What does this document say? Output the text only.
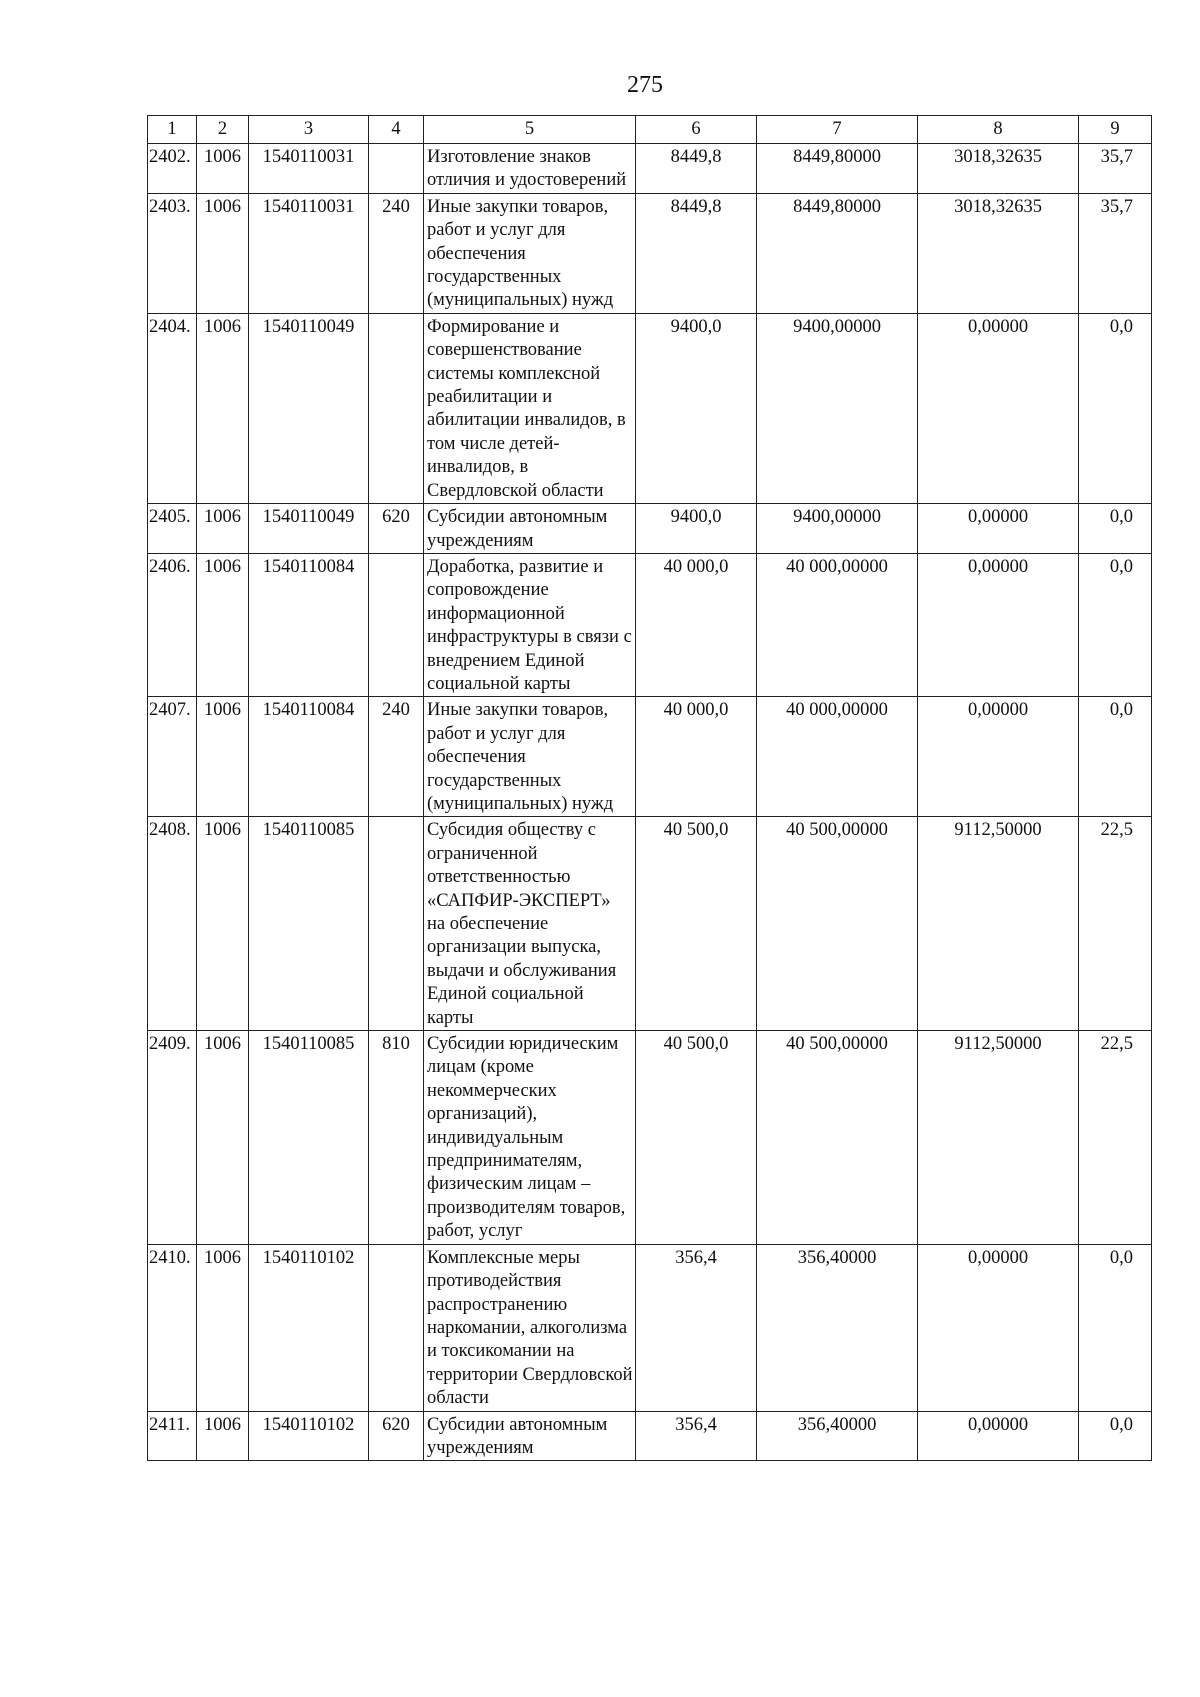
275
1	2	3	4	5	6	7	8	9
2402.	1006	1540110031		Изготовление знаков отличия и удостоверений	8449,8	8449,80000	3018,32635	35,7
2403.	1006	1540110031	240	Иные закупки товаров, работ и услуг для обеспечения государственных (муниципальных) нужд	8449,8	8449,80000	3018,32635	35,7
2404.	1006	1540110049		Формирование и совершенствование системы комплексной реабилитации и абилитации инвалидов, в том числе детей-инвалидов, в Свердловской области	9400,0	9400,00000	0,00000	0,0
2405.	1006	1540110049	620	Субсидии автономным учреждениям	9400,0	9400,00000	0,00000	0,0
2406.	1006	1540110084		Доработка, развитие и сопровождение информационной инфраструктуры в связи с внедрением Единой социальной карты	40 000,0	40 000,00000	0,00000	0,0
2407.	1006	1540110084	240	Иные закупки товаров, работ и услуг для обеспечения государственных (муниципальных) нужд	40 000,0	40 000,00000	0,00000	0,0
2408.	1006	1540110085		Субсидия обществу с ограниченной ответственностью «САПФИР-ЭКСПЕРТ» на обеспечение организации выпуска, выдачи и обслуживания Единой социальной карты	40 500,0	40 500,00000	9112,50000	22,5
2409.	1006	1540110085	810	Субсидии юридическим лицам (кроме некоммерческих организаций), индивидуальным предпринимателям, физическим лицам – производителям товаров, работ, услуг	40 500,0	40 500,00000	9112,50000	22,5
2410.	1006	1540110102		Комплексные меры противодействия распространению наркомании, алкоголизма и токсикомании на территории Свердловской области	356,4	356,40000	0,00000	0,0
2411.	1006	1540110102	620	Субсидии автономным учреждениям	356,4	356,40000	0,00000	0,0
